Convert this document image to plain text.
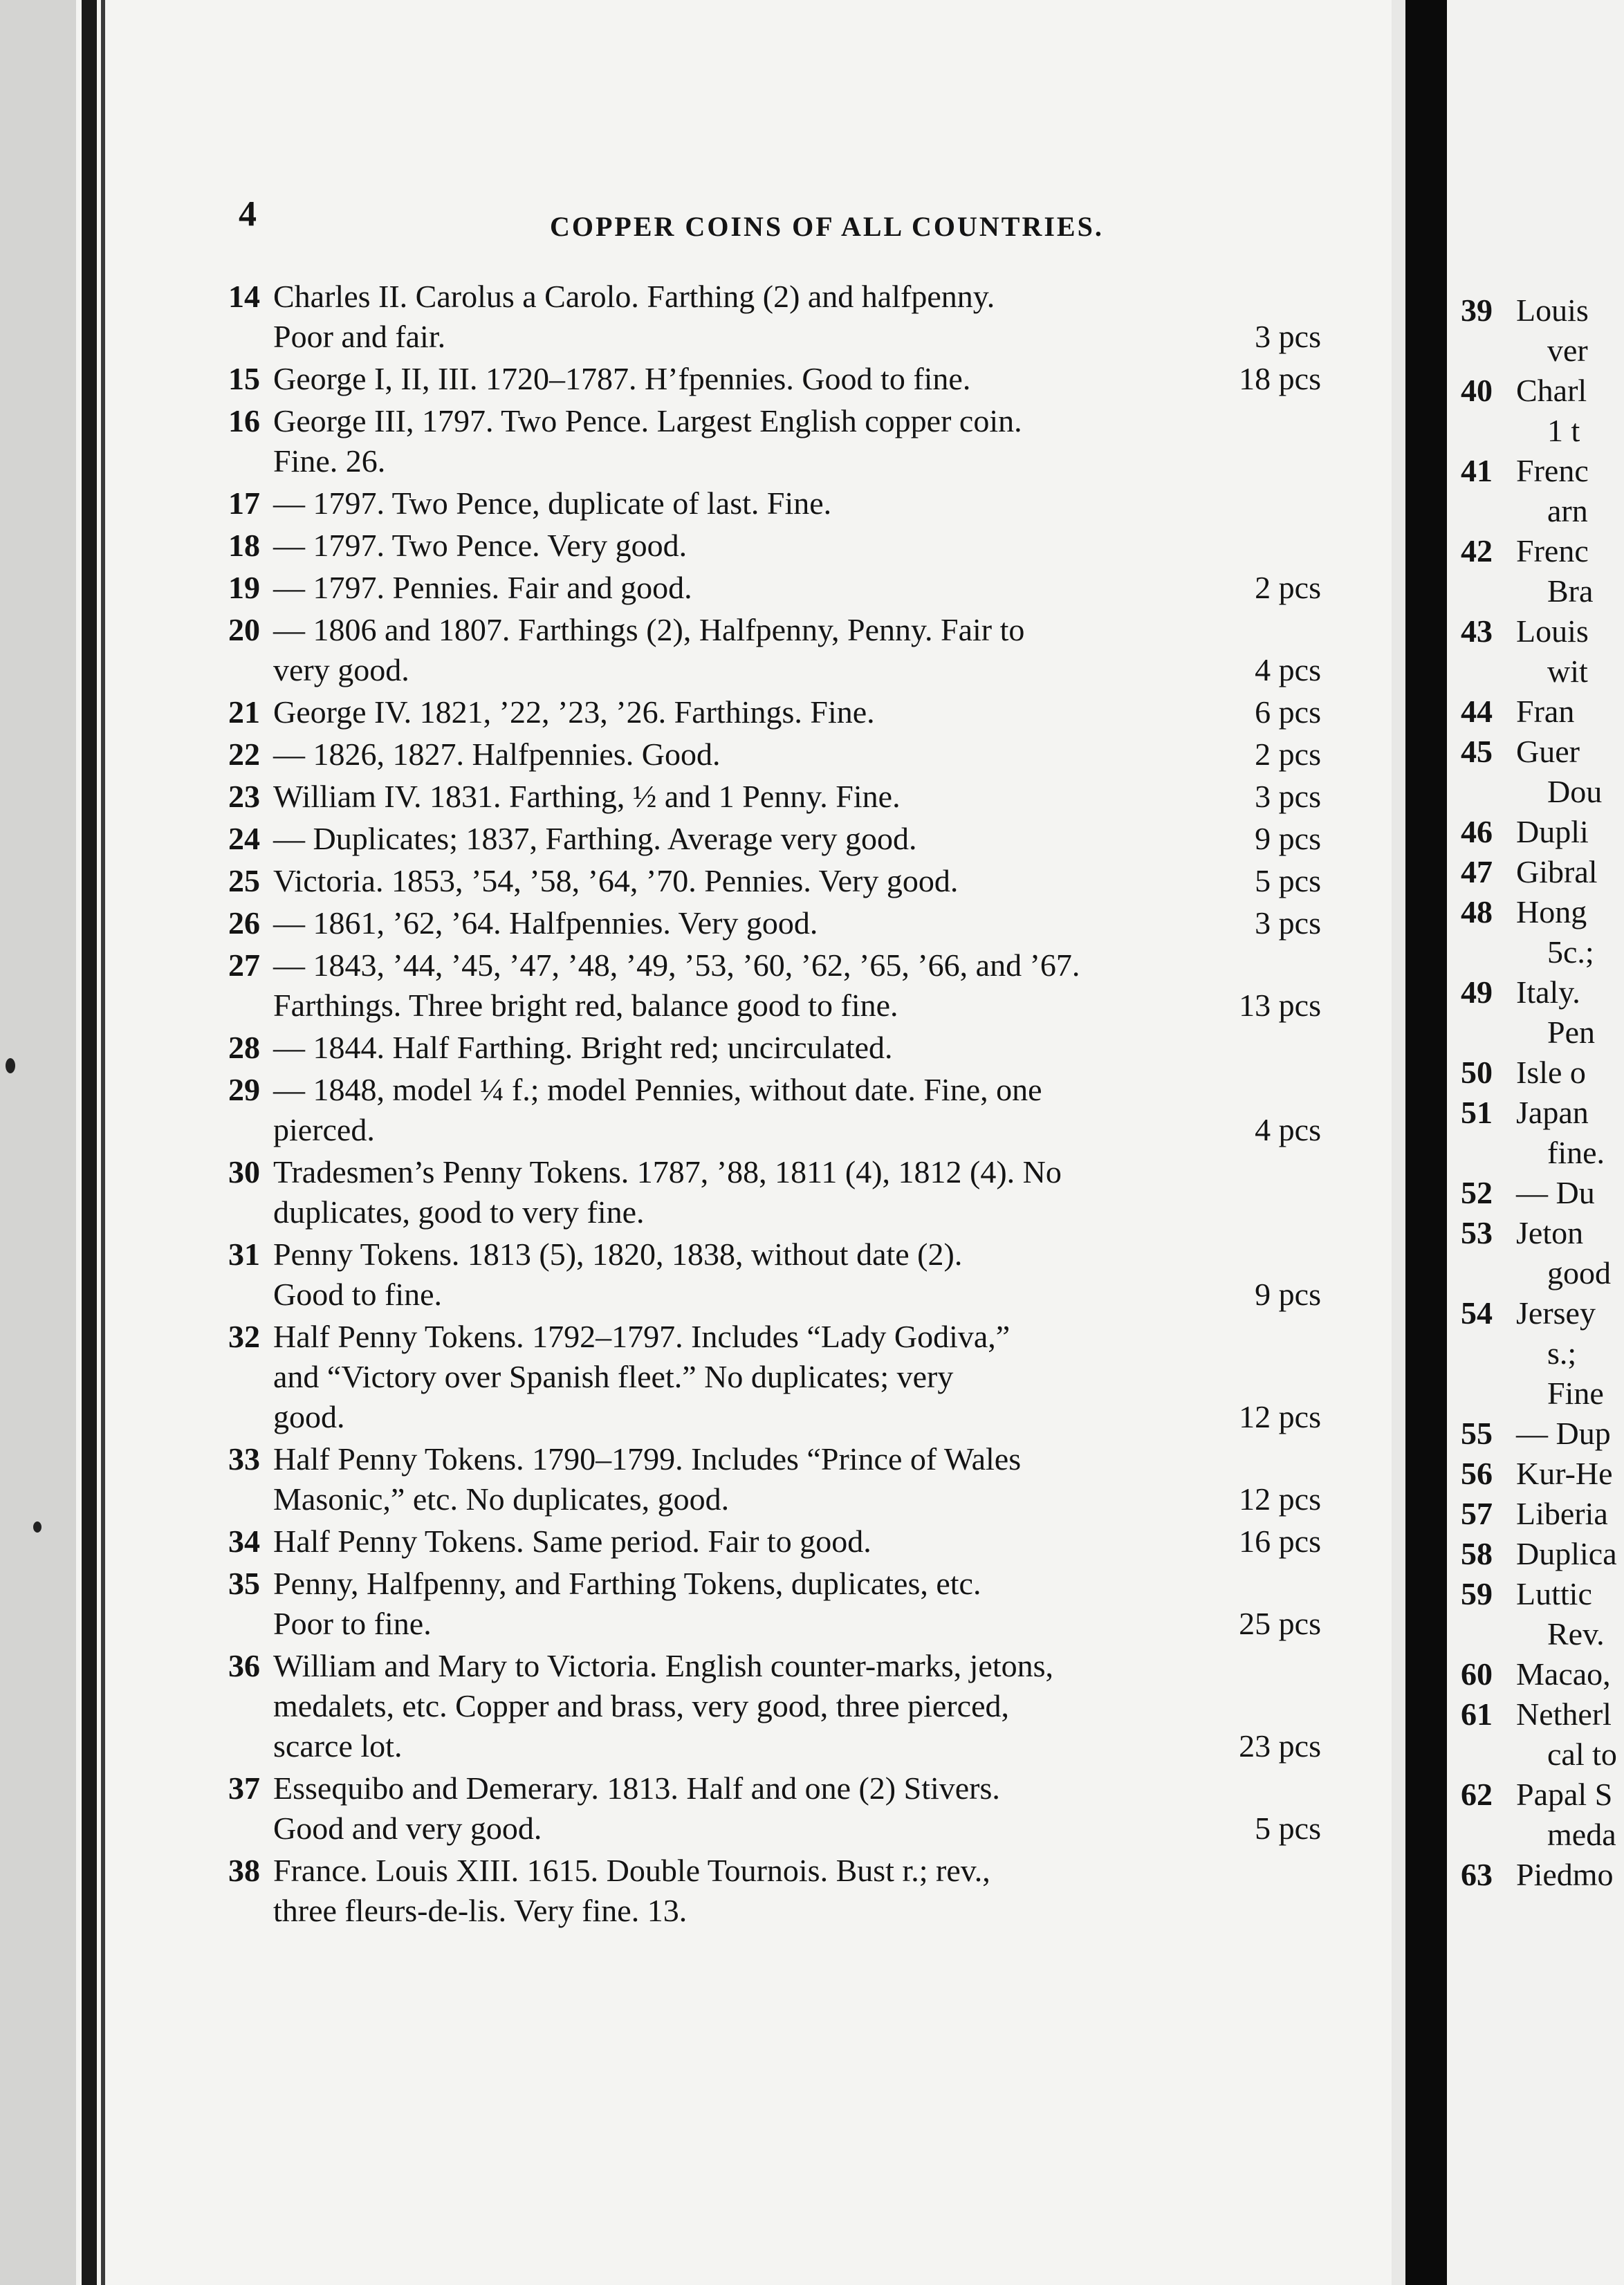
4	COPPER COINS OF ALL COUNTRIES.
14 Charles II. Carolus a Carolo. Farthing (2) and halfpenny.
Poor and fair.	3 pcs
15 George I, II, III. 1720–1787. H’fpennies. Good to fine.	18 pcs
16 George III, 1797. Two Pence. Largest English copper coin.
Fine. 26.
17 — 1797. Two Pence, duplicate of last. Fine.
18 — 1797. Two Pence. Very good.
19 — 1797. Pennies. Fair and good.	2 pcs
20 — 1806 and 1807. Farthings (2), Halfpenny, Penny. Fair to
very good.	4 pcs
21 George IV. 1821, ’22, ’23, ’26. Farthings. Fine.	6 pcs
22 — 1826, 1827. Halfpennies. Good.	2 pcs
23 William IV. 1831. Farthing, ½ and 1 Penny. Fine.	3 pcs
24 — Duplicates; 1837, Farthing. Average very good.	9 pcs
25 Victoria. 1853, ’54, ’58, ’64, ’70. Pennies. Very good.	5 pcs
26 — 1861, ’62, ’64. Halfpennies. Very good.	3 pcs
27 — 1843, ’44, ’45, ’47, ’48, ’49, ’53, ’60, ’62, ’65, ’66, and ’67.
Farthings. Three bright red, balance good to fine.	13 pcs
28 — 1844. Half Farthing. Bright red; uncirculated.
29 — 1848, model ¼ f.; model Pennies, without date. Fine, one
pierced.	4 pcs
30 Tradesmen’s Penny Tokens. 1787, ’88, 1811 (4), 1812 (4). No
duplicates, good to very fine.
31 Penny Tokens. 1813 (5), 1820, 1838, without date (2).
Good to fine.	9 pcs
32 Half Penny Tokens. 1792–1797. Includes “Lady Godiva,”
and “Victory over Spanish fleet.” No duplicates; very
good.	12 pcs
33 Half Penny Tokens. 1790–1799. Includes “Prince of Wales
Masonic,” etc. No duplicates, good.	12 pcs
34 Half Penny Tokens. Same period. Fair to good.	16 pcs
35 Penny, Halfpenny, and Farthing Tokens, duplicates, etc.
Poor to fine.	25 pcs
36 William and Mary to Victoria. English counter-marks, jetons,
medalets, etc. Copper and brass, very good, three pierced,
scarce lot.	23 pcs
37 Essequibo and Demerary. 1813. Half and one (2) Stivers.
Good and very good.	5 pcs
38 France. Louis XIII. 1615. Double Tournois. Bust r.; rev.,
three fleurs-de-lis. Very fine. 13.
39 Louis
ver
40 Charl
1 t
41 Frenc
arn
42 Frenc
Bra
43 Louis
wit
44 Fran
45 Guer
Dou
46 Dupli
47 Gibral
48 Hong
5c.;
49 Italy.
Pen
50 Isle o
51 Japan
fine.
52 — Du
53 Jeton
good
54 Jersey
s.;
Fine
55 — Dup
56 Kur-He
57 Liberia
58 Duplica
59 Luttic
Rev.
60 Macao,
61 Netherl
cal to
62 Papal S
meda
63 Piedmo
